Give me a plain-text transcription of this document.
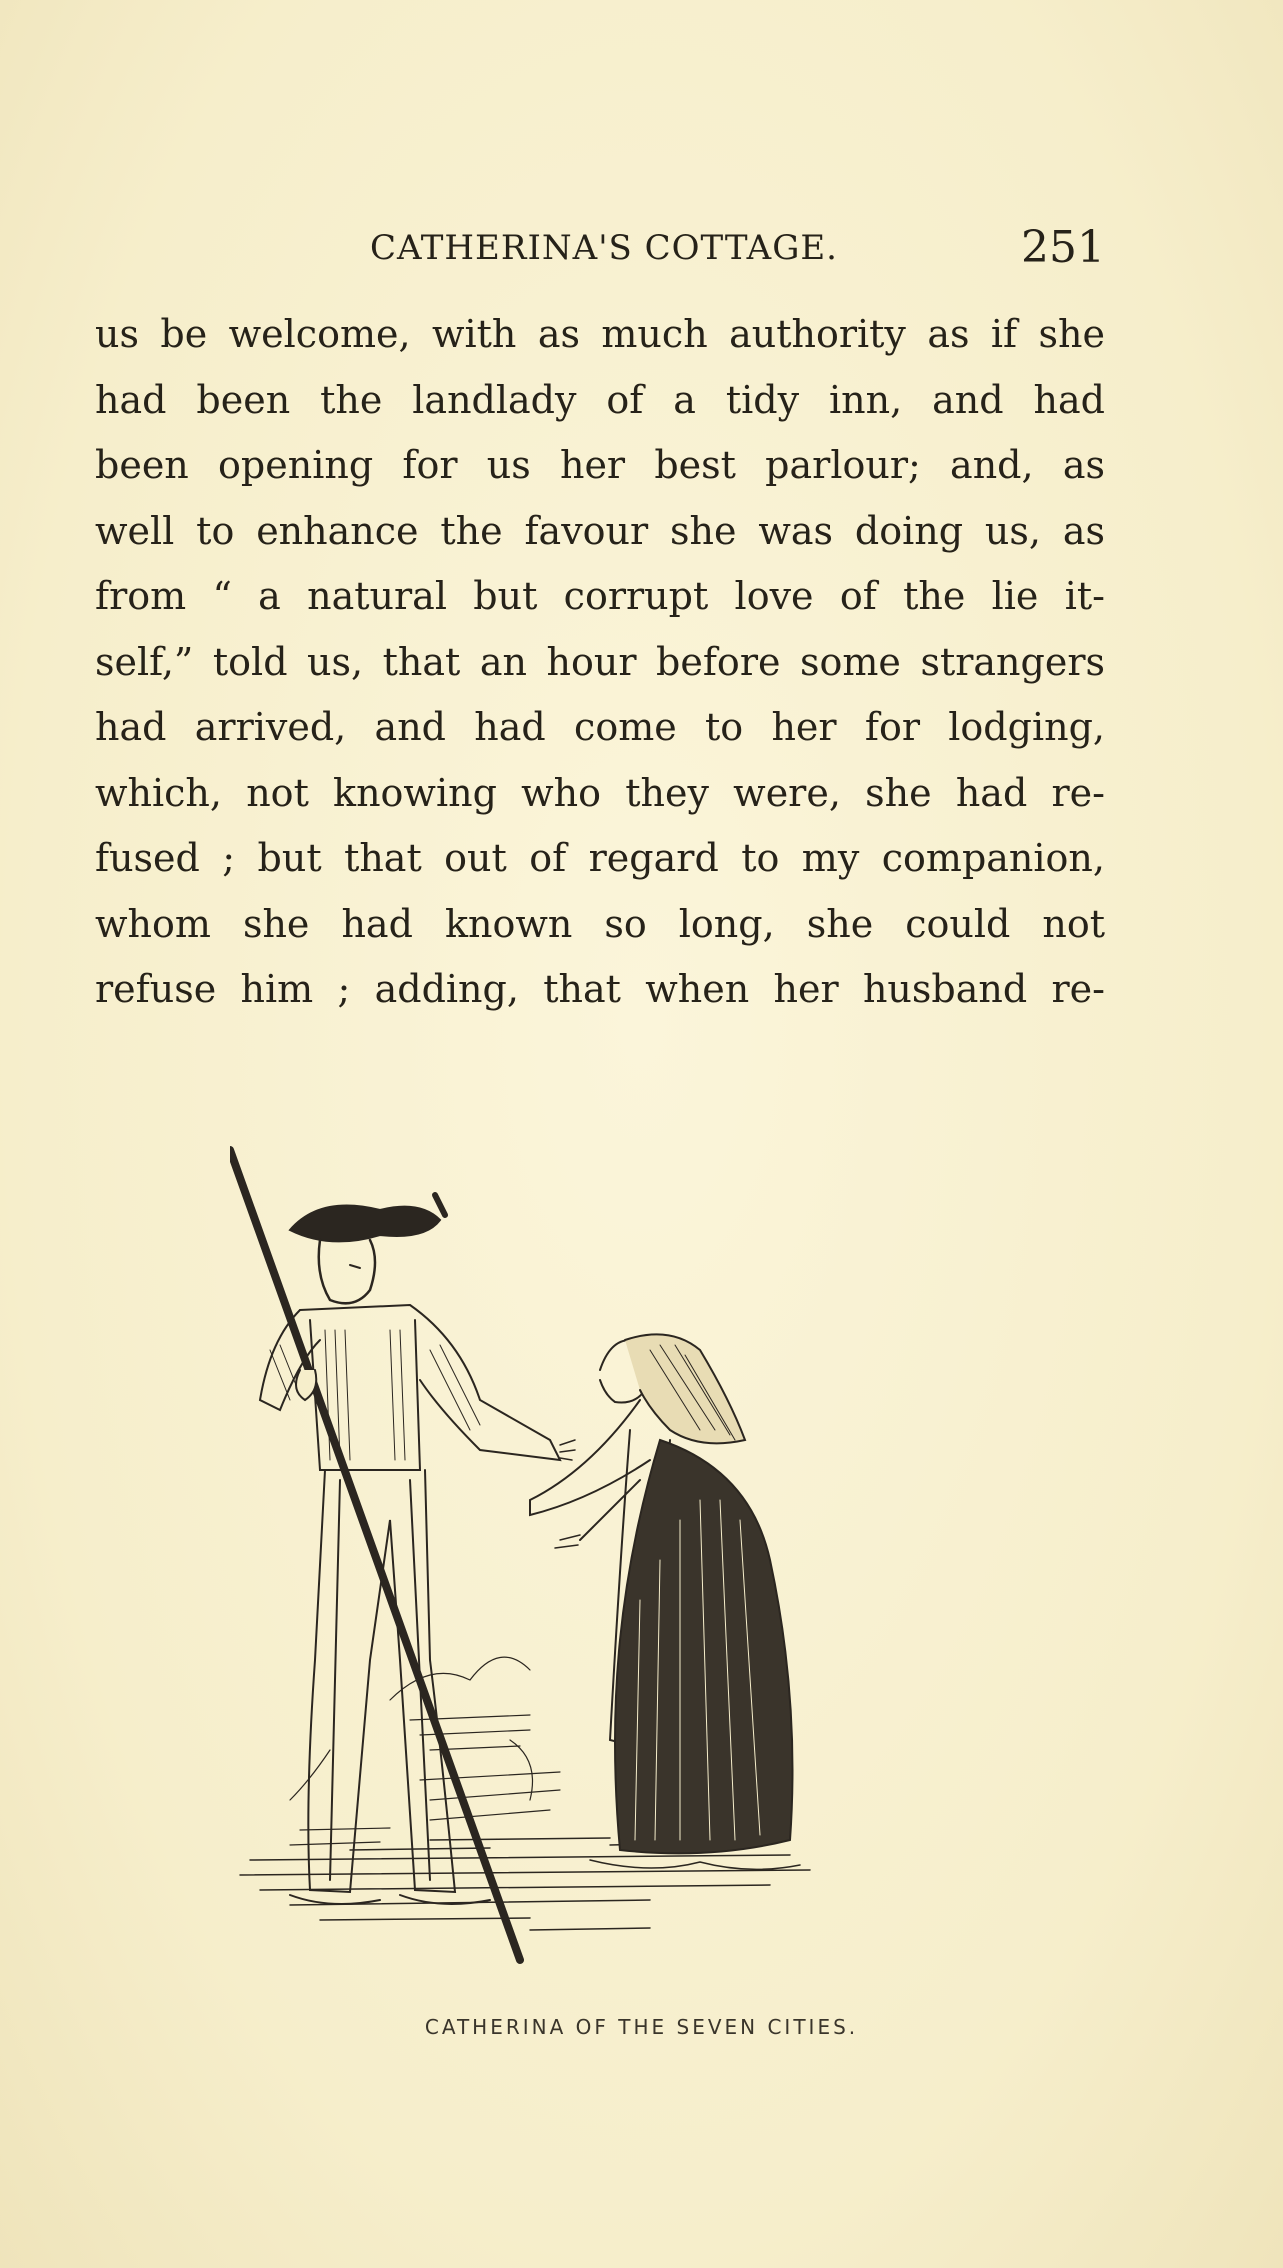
CATHERINA'S COTTAGE.	251
us be welcome, with as much authority as if she
had been the landlady of a tidy inn, and had
been opening for us her best parlour; and, as
well to enhance the favour she was doing us, as
from “ a natural but corrupt love of the lie it-
self,” told us, that an hour before some strangers
had arrived, and had come to her for lodging,
which, not knowing who they were, she had re-
fused ; but that out of regard to my companion,
whom she had known so long, she could not
refuse him ; adding, that when her husband re-
CATHERINA OF THE SEVEN CITIES.
